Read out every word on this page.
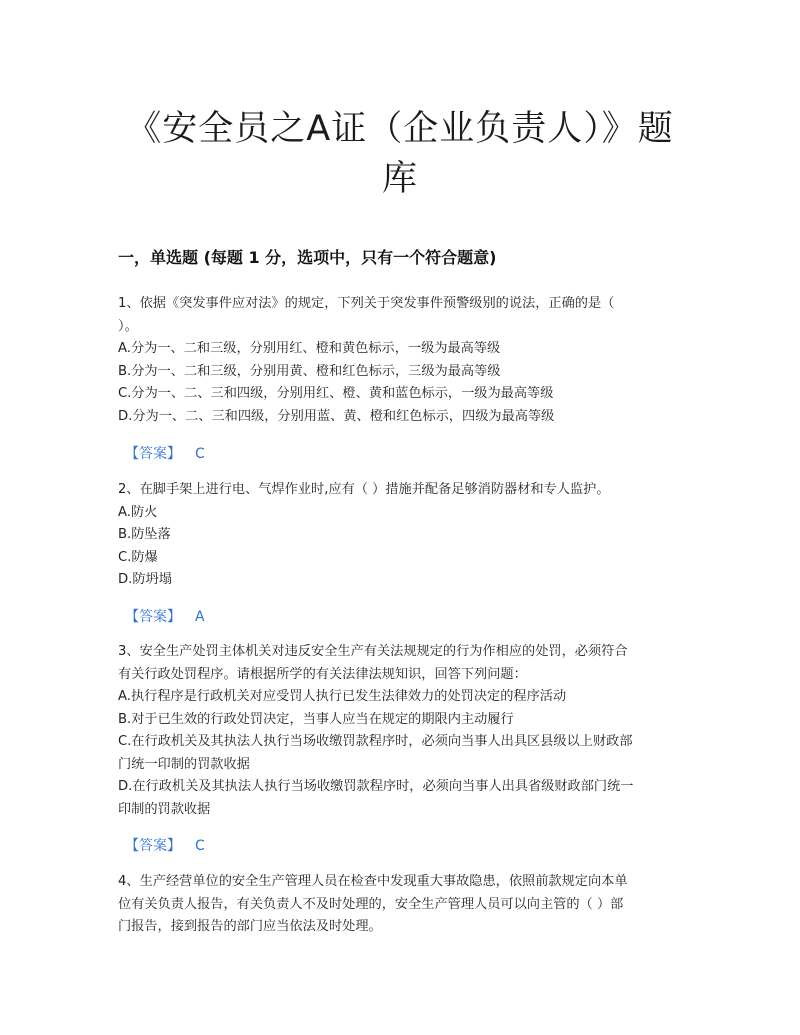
《安全员之A证（企业负责人）》题
库
一，单选题 (每题 1 分，选项中，只有一个符合题意)

1、依据《突发事件应对法》的规定，下列关于突发事件预警级别的说法，正确的是（

）。

A.分为一、二和三级，分别用红、橙和黄色标示，一级为最高等级

B.分为一、二和三级，分别用黄、橙和红色标示，三级为最高等级

C.分为一、二、三和四级，分别用红、橙、黄和蓝色标示，一级为最高等级

D.分为一、二、三和四级，分别用蓝、黄、橙和红色标示，四级为最高等级

【答案】 C

2、在脚手架上进行电、气焊作业时,应有（ ）措施并配备足够消防器材和专人监护。

A.防火

B.防坠落

C.防爆

D.防坍塌

【答案】 A

3、安全生产处罚主体机关对违反安全生产有关法规规定的行为作相应的处罚，必须符合

有关行政处罚程序。请根据所学的有关法律法规知识，回答下列问题：

A.执行程序是行政机关对应受罚人执行已发生法律效力的处罚决定的程序活动

B.对于已生效的行政处罚决定，当事人应当在规定的期限内主动履行

C.在行政机关及其执法人执行当场收缴罚款程序时，必须向当事人出具区县级以上财政部

门统一印制的罚款收据

D.在行政机关及其执法人执行当场收缴罚款程序时，必须向当事人出具省级财政部门统一

印制的罚款收据

【答案】 C

4、生产经营单位的安全生产管理人员在检查中发现重大事故隐患，依照前款规定向本单

位有关负责人报告，有关负责人不及时处理的，安全生产管理人员可以向主管的（ ）部

门报告，接到报告的部门应当依法及时处理。
